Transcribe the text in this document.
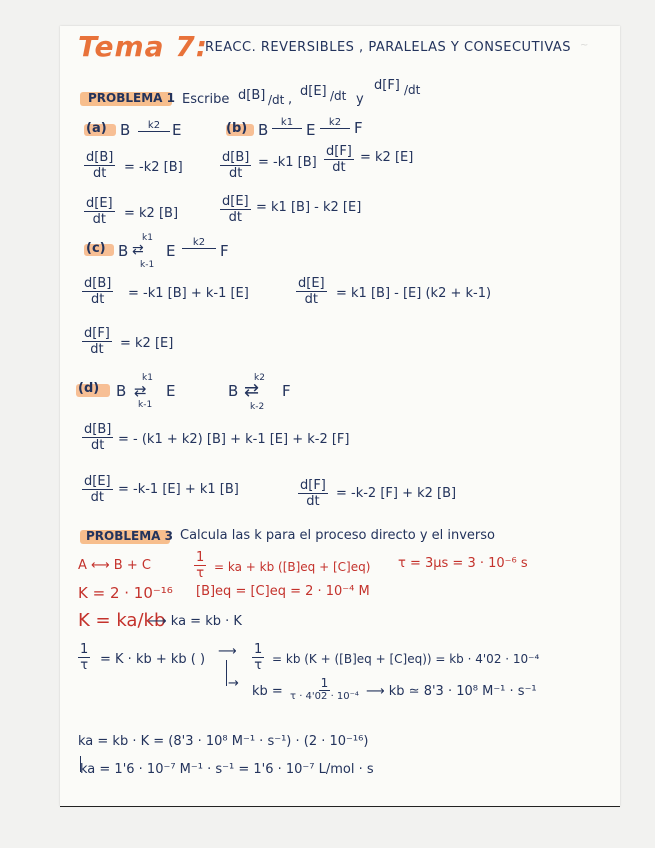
~
Tema 7:
REACC. REVERSIBLES , PARALELAS Y CONSECUTIVAS
PROBLEMA 1 Escribe d[B] /dt ,
d[E] /dt y
d[F] /dt
(a) B k2 E
$\frac{d[B]}{dt} = -k2$ [B]
$\frac{d[E]}{dt} = k2$ [B]
(b) B k1 E k2 F
$\frac{d[B]}{dt} = -k1$ $[B] \frac{d[F]}{dt} = k2$ [E]
$\frac{d[E]}{dt} = k1$ [B] - k2 [E]
(c) B
k1
⇄
k-1
E k2 F
$\frac{d[B]}{dt} = -k1$ [B] + k-1 [E]	$\frac{d[E]}{dt} = k1$ [B] - [E] (k2 + k-1)
$\frac{d[F]}{dt} = k2$ [E]
(d) B
k1
⇄
k-1
E	B
k2
⇄
k-2
F
$\frac{d[B]}{dt}$ = - (k1 + k2) [B] + k-1 [E] + k-2 [F]
$\frac{d[E]}{dt} = -k-1$ [E] + k1 [B]	$\frac{d[F]}{dt} = -k-2$ [F] + k2 [B]
PROBLEMA 3 Calcula las k para el proceso directo y el inverso
A ⟷ B + C	$\frac{1}{\tau}$ = ka + kb ([B]eq + [C]eq) τ = 3μs = 3 · 10⁻⁶ s
K = 2 · 10⁻¹⁶ [B]eq = [C]eq = 2 · 10⁻⁴ M
K = ka/kb
⟶ ka = kb · K
$\frac{1}{\tau} = K$ · kb + kb ( )
⟶ $\frac{1}{\tau}$ = kb (K + ([B]eq + [C]eq)) = kb · 4'02 · 10⁻⁴
→
kb =
1
τ · 4'02 · 10⁻⁴ ⟶ kb ≃ 8'3 · 10⁸ M⁻¹ · s⁻¹
ka = kb · K = (8'3 · 10⁸ M⁻¹ · s⁻¹) · (2 · 10⁻¹⁶)
ka = 1'6 · 10⁻⁷ M⁻¹ · s⁻¹ = 1'6 · 10⁻⁷ L/mol · s
